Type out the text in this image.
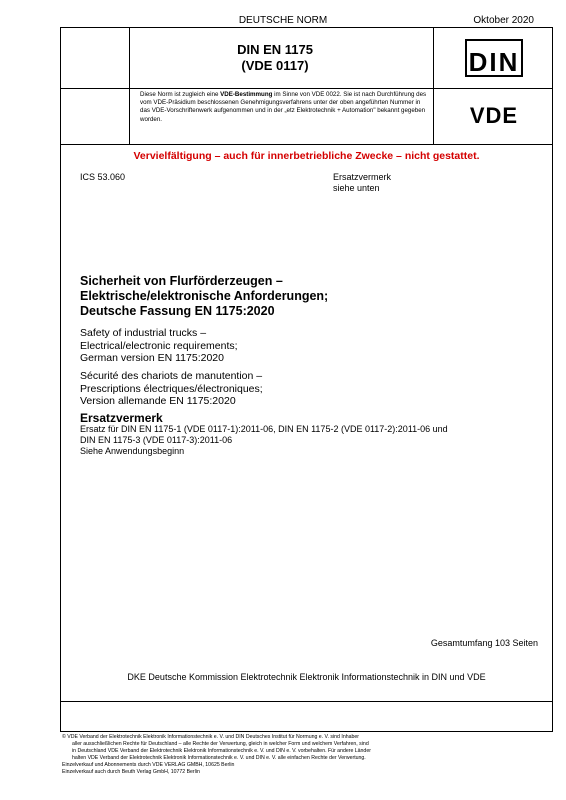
DEUTSCHE NORM	Oktober 2020
DIN EN 1175
(VDE 0117)	DIN
Diese Norm ist zugleich eine VDE-Bestimmung im Sinne von VDE 0022. Sie ist nach Durchführung des vom VDE-Präsidium beschlossenen Genehmigungsverfahrens unter der oben angeführten Nummer in das VDE-Vorschriftenwerk aufgenommen und in der „etz Elektrotechnik + Automation" bekannt gegeben worden.	VDE
Vervielfältigung – auch für innerbetriebliche Zwecke – nicht gestattet.
ICS 53.060	Ersatzvermerk
siehe unten
Sicherheit von Flurförderzeugen –
Elektrische/elektronische Anforderungen;
Deutsche Fassung EN 1175:2020
Safety of industrial trucks –
Electrical/electronic requirements;
German version EN 1175:2020
Sécurité des chariots de manutention –
Prescriptions électriques/électroniques;
Version allemande EN 1175:2020
Ersatzvermerk
Ersatz für DIN EN 1175-1 (VDE 0117-1):2011-06, DIN EN 1175-2 (VDE 0117-2):2011-06 und
DIN EN 1175-3 (VDE 0117-3):2011-06
Siehe Anwendungsbeginn
Gesamtumfang 103 Seiten
DKE Deutsche Kommission Elektrotechnik Elektronik Informationstechnik in DIN und VDE
© VDE Verband der Elektrotechnik Elektronik Informationstechnik e. V. und DIN Deutsches Institut für Normung e. V. sind Inhaber
aller ausschließlichen Rechte für Deutschland – alle Rechte der Verwertung, gleich in welcher Form und welchem Verfahren, sind
in Deutschland VDE Verband der Elektrotechnik Elektronik Informationstechnik e. V. und DIN e. V. vorbehalten. Für andere Länder
halten VDE Verband der Elektrotechnik Elektronik Informationstechnik e. V. und DIN e. V. alle einfachen Rechte der Verwertung.
Einzelverkauf und Abonnements durch VDE VERLAG GMBH, 10625 Berlin
Einzelverkauf auch durch Beuth Verlag GmbH, 10772 Berlin
